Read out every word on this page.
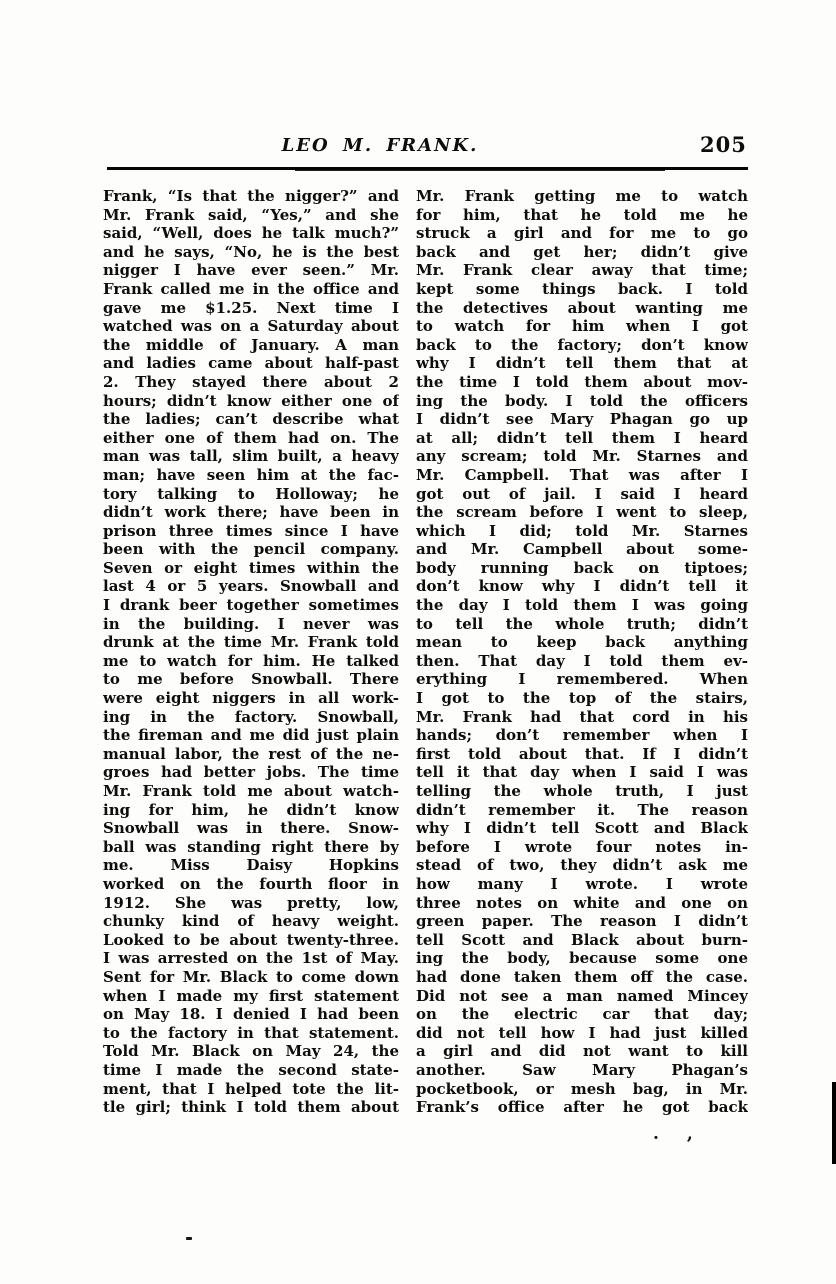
LEO M. FRANK.	205
Frank, “Is that the nigger?” and
Mr. Frank said, “Yes,” and she
said, “Well, does he talk much?”
and he says, “No, he is the best
nigger I have ever seen.” Mr.
Frank called me in the office and
gave me $1.25. Next time I
watched was on a Saturday about
the middle of January. A man
and ladies came about half-past
2. They stayed there about 2
hours; didn’t know either one of
the ladies; can’t describe what
either one of them had on. The
man was tall, slim built, a heavy
man; have seen him at the fac-
tory talking to Holloway; he
didn’t work there; have been in
prison three times since I have
been with the pencil company.
Seven or eight times within the
last 4 or 5 years. Snowball and
I drank beer together sometimes
in the building. I never was
drunk at the time Mr. Frank told
me to watch for him. He talked
to me before Snowball. There
were eight niggers in all work-
ing in the factory. Snowball,
the fireman and me did just plain
manual labor, the rest of the ne-
groes had better jobs. The time
Mr. Frank told me about watch-
ing for him, he didn’t know
Snowball was in there. Snow-
ball was standing right there by
me. Miss Daisy Hopkins
worked on the fourth floor in
1912. She was pretty, low,
chunky kind of heavy weight.
Looked to be about twenty-three.
I was arrested on the 1st of May.
Sent for Mr. Black to come down
when I made my first statement
on May 18. I denied I had been
to the factory in that statement.
Told Mr. Black on May 24, the
time I made the second state-
ment, that I helped tote the lit-
tle girl; think I told them about
Mr. Frank getting me to watch
for him, that he told me he
struck a girl and for me to go
back and get her; didn’t give
Mr. Frank clear away that time;
kept some things back. I told
the detectives about wanting me
to watch for him when I got
back to the factory; don’t know
why I didn’t tell them that at
the time I told them about mov-
ing the body. I told the officers
I didn’t see Mary Phagan go up
at all; didn’t tell them I heard
any scream; told Mr. Starnes and
Mr. Campbell. That was after I
got out of jail. I said I heard
the scream before I went to sleep,
which I did; told Mr. Starnes
and Mr. Campbell about some-
body running back on tiptoes;
don’t know why I didn’t tell it
the day I told them I was going
to tell the whole truth; didn’t
mean to keep back anything
then. That day I told them ev-
erything I remembered. When
I got to the top of the stairs,
Mr. Frank had that cord in his
hands; don’t remember when I
first told about that. If I didn’t
tell it that day when I said I was
telling the whole truth, I just
didn’t remember it. The reason
why I didn’t tell Scott and Black
before I wrote four notes in-
stead of two, they didn’t ask me
how many I wrote. I wrote
three notes on white and one on
green paper. The reason I didn’t
tell Scott and Black about burn-
ing the body, because some one
had done taken them off the case.
Did not see a man named Mincey
on the electric car that day;
did not tell how I had just killed
a girl and did not want to kill
another. Saw Mary Phagan’s
pocketbook, or mesh bag, in Mr.
Frank’s office after he got back
. ,
